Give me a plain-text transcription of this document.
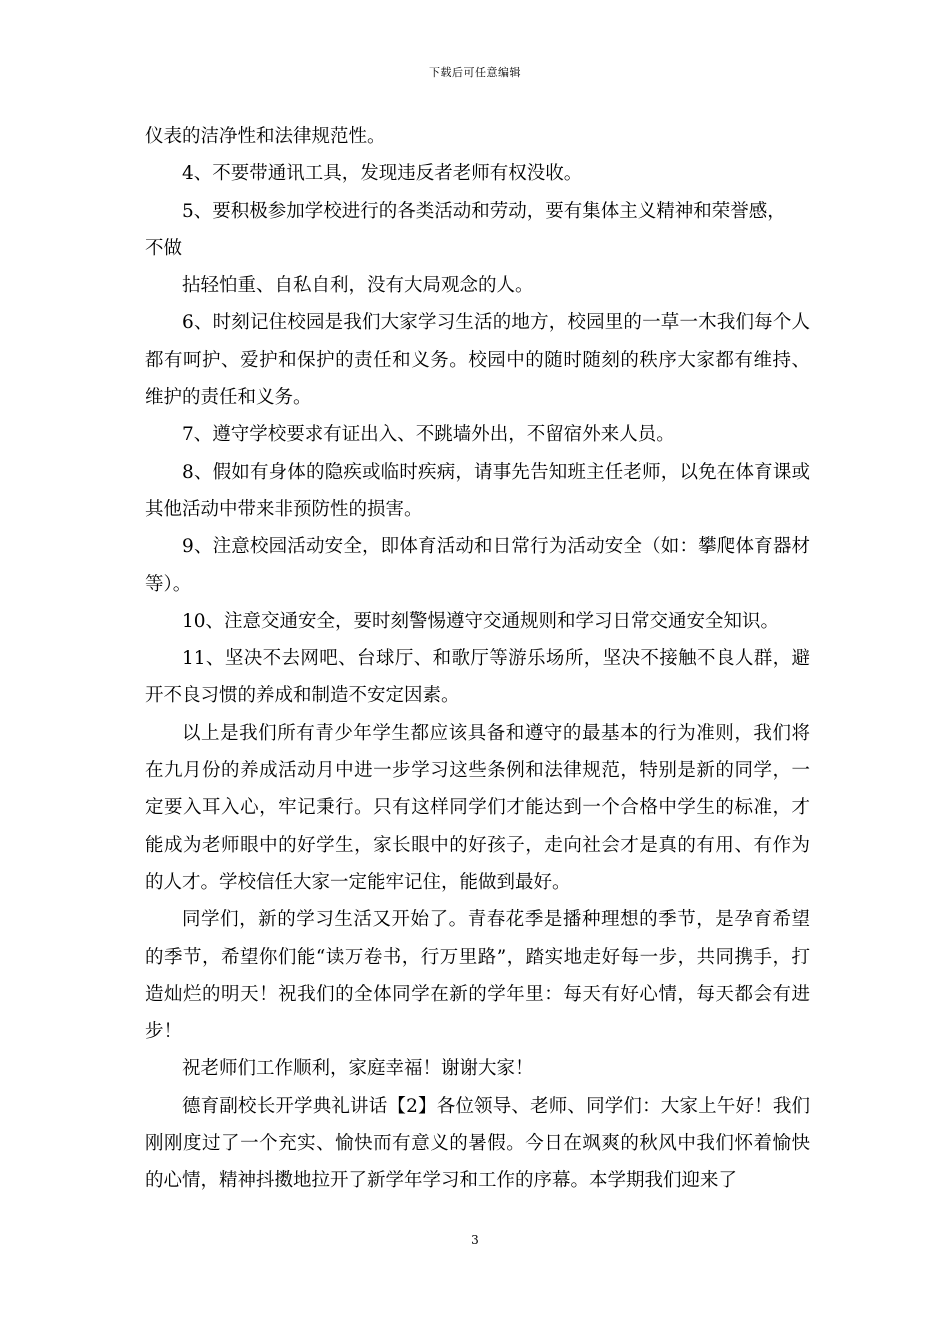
下载后可任意编辑

仪表的洁净性和法律规范性。

4、不要带通讯工具，发现违反者老师有权没收。

5、要积极参加学校进行的各类活动和劳动，要有集体主义精神和荣誉感，

不做

拈轻怕重、自私自利，没有大局观念的人。

6、时刻记住校园是我们大家学习生活的地方，校园里的一草一木我们每个人都有呵护、爱护和保护的责任和义务。校园中的随时随刻的秩序大家都有维持、维护的责任和义务。

7、遵守学校要求有证出入、不跳墙外出，不留宿外来人员。

8、假如有身体的隐疾或临时疾病，请事先告知班主任老师，以免在体育课或其他活动中带来非预防性的损害。

9、注意校园活动安全，即体育活动和日常行为活动安全（如：攀爬体育器材等）。

10、注意交通安全，要时刻警惕遵守交通规则和学习日常交通安全知识。

11、坚决不去网吧、台球厅、和歌厅等游乐场所，坚决不接触不良人群，避开不良习惯的养成和制造不安定因素。

以上是我们所有青少年学生都应该具备和遵守的最基本的行为准则，我们将在九月份的养成活动月中进一步学习这些条例和法律规范，特别是新的同学，一定要入耳入心，牢记秉行。只有这样同学们才能达到一个合格中学生的标准，才能成为老师眼中的好学生，家长眼中的好孩子，走向社会才是真的有用、有作为的人才。学校信任大家一定能牢记住，能做到最好。

同学们，新的学习生活又开始了。青春花季是播种理想的季节，是孕育希望的季节，希望你们能“读万卷书，行万里路”，踏实地走好每一步，共同携手，打造灿烂的明天！祝我们的全体同学在新的学年里：每天有好心情，每天都会有进步！

祝老师们工作顺利，家庭幸福！谢谢大家！

德育副校长开学典礼讲话【2】各位领导、老师、同学们：大家上午好！我们刚刚度过了一个充实、愉快而有意义的暑假。今日在飒爽的秋风中我们怀着愉快的心情，精神抖擞地拉开了新学年学习和工作的序幕。本学期我们迎来了

3
